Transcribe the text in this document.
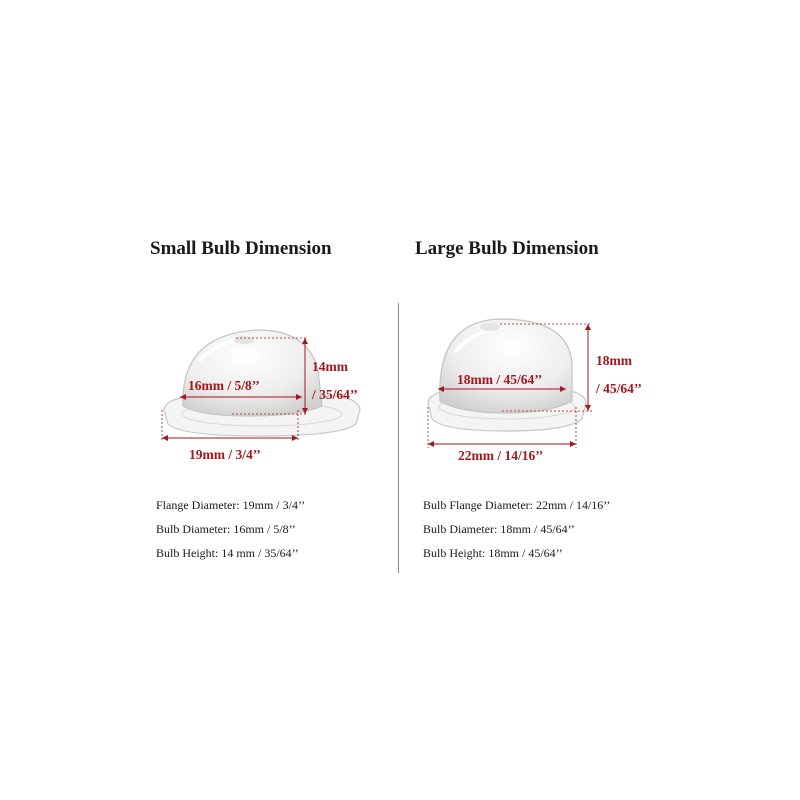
Small Bulb Dimension	Large Bulb Dimension
16mm / 5/8’’
14mm
/ 35/64’’
19mm / 3/4’’
18mm / 45/64’’
18mm
/ 45/64’’
22mm / 14/16’’
Flange Diameter: 19mm / 3/4’’
Bulb Diameter: 16mm / 5/8’’
Bulb Height: 14 mm / 35/64’’
Bulb Flange Diameter: 22mm / 14/16’’
Bulb Diameter: 18mm / 45/64’’
Bulb Height: 18mm / 45/64’’
